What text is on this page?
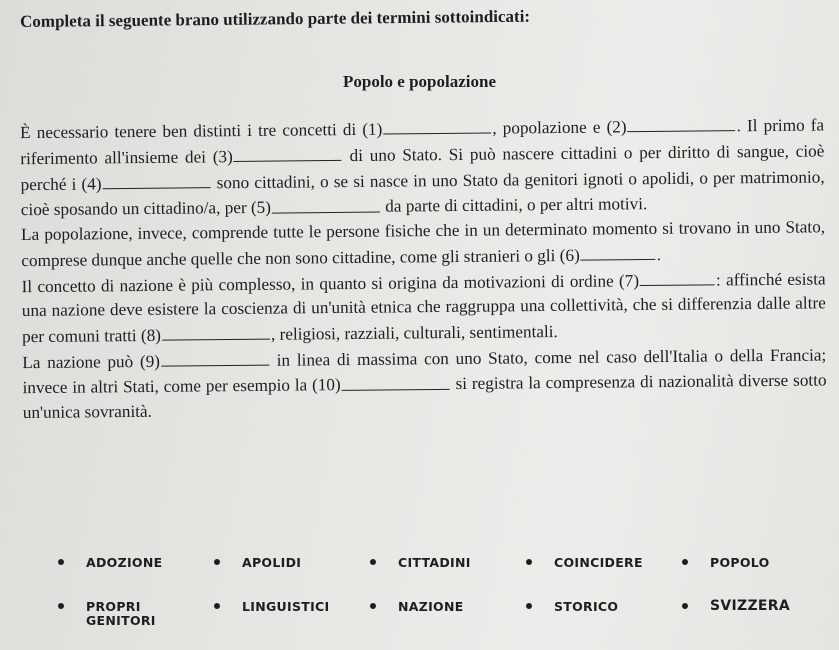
Completa il seguente brano utilizzando parte dei termini sottoindicati:
Popolo e popolazione

È necessario tenere ben distinti i tre concetti di (1)	, popolazione e (2)	. Il primo fa riferimento all'insieme dei (3)	di uno Stato. Si può nascere cittadini o per diritto di sangue, cioè perché i (4)	sono cittadini, o se si nasce in uno Stato da genitori ignoti o apolidi, o per matrimonio, cioè sposando un cittadino/a, per (5)	da parte di cittadini, o per altri motivi.

La popolazione, invece, comprende tutte le persone fisiche che in un determinato momento si trovano in uno Stato, comprese dunque anche quelle che non sono cittadine, come gli stranieri o gli (6)	.

Il concetto di nazione è più complesso, in quanto si origina da motivazioni di ordine (7)	: affinché esista una nazione deve esistere la coscienza di un'unità etnica che raggruppa una collettività, che si differenzia dalle altre per comuni tratti (8)	, religiosi, razziali, culturali, sentimentali.

La nazione può (9)	in linea di massima con uno Stato, come nel caso dell'Italia o della Francia; invece in altri Stati, come per esempio la (10)	si registra la compresenza di nazionalità diverse sotto un'unica sovranità.

ADOZIONE	APOLIDI	CITTADINI	COINCIDERE	POPOLO
PROPRI	LINGUISTICI	NAZIONE	STORICO	SVIZZERA
GENITORI
